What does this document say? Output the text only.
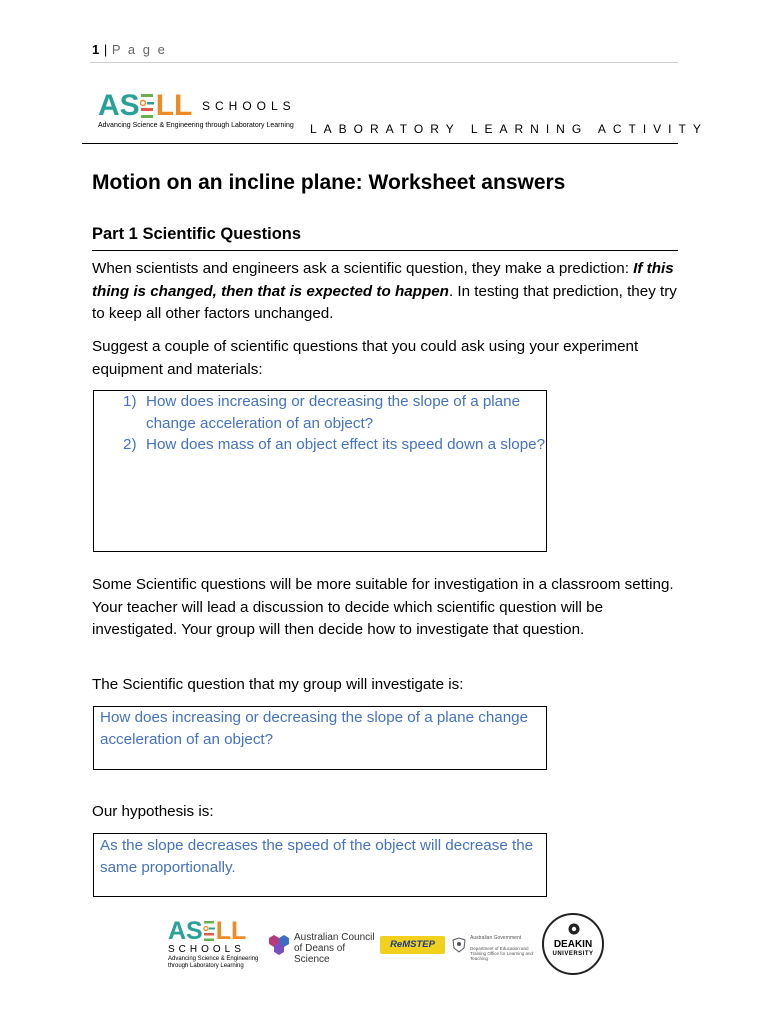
1 | P a g e
AS LL SCHOOLS
Advancing Science & Engineering through Laboratory Learning LABORATORY LEARNING ACTIVITY
Motion on an incline plane: Worksheet answers
Part 1 Scientific Questions

When scientists and engineers ask a scientific question, they make a prediction: If this thing is changed, then that is expected to happen. In testing that prediction, they try to keep all other factors unchanged.

Suggest a couple of scientific questions that you could ask using your experiment equipment and materials:

1) How does increasing or decreasing the slope of a plane change acceleration of an object?
2) How does mass of an object effect its speed down a slope?

Some Scientific questions will be more suitable for investigation in a classroom setting. Your teacher will lead a discussion to decide which scientific question will be investigated. Your group will then decide how to investigate that question.

The Scientific question that my group will investigate is:

How does increasing or decreasing the slope of a plane change acceleration of an object?

Our hypothesis is:

As the slope decreases the speed of the object will decrease the same proportionally.

AS LL
SCHOOLS
Advancing Science & Engineering through Laboratory Learning
Australian Council
of Deans of Science
ReMSTEP
Australian Government
Department of Education and Training Office for Learning and Teaching
DEAKIN
UNIVERSITY
